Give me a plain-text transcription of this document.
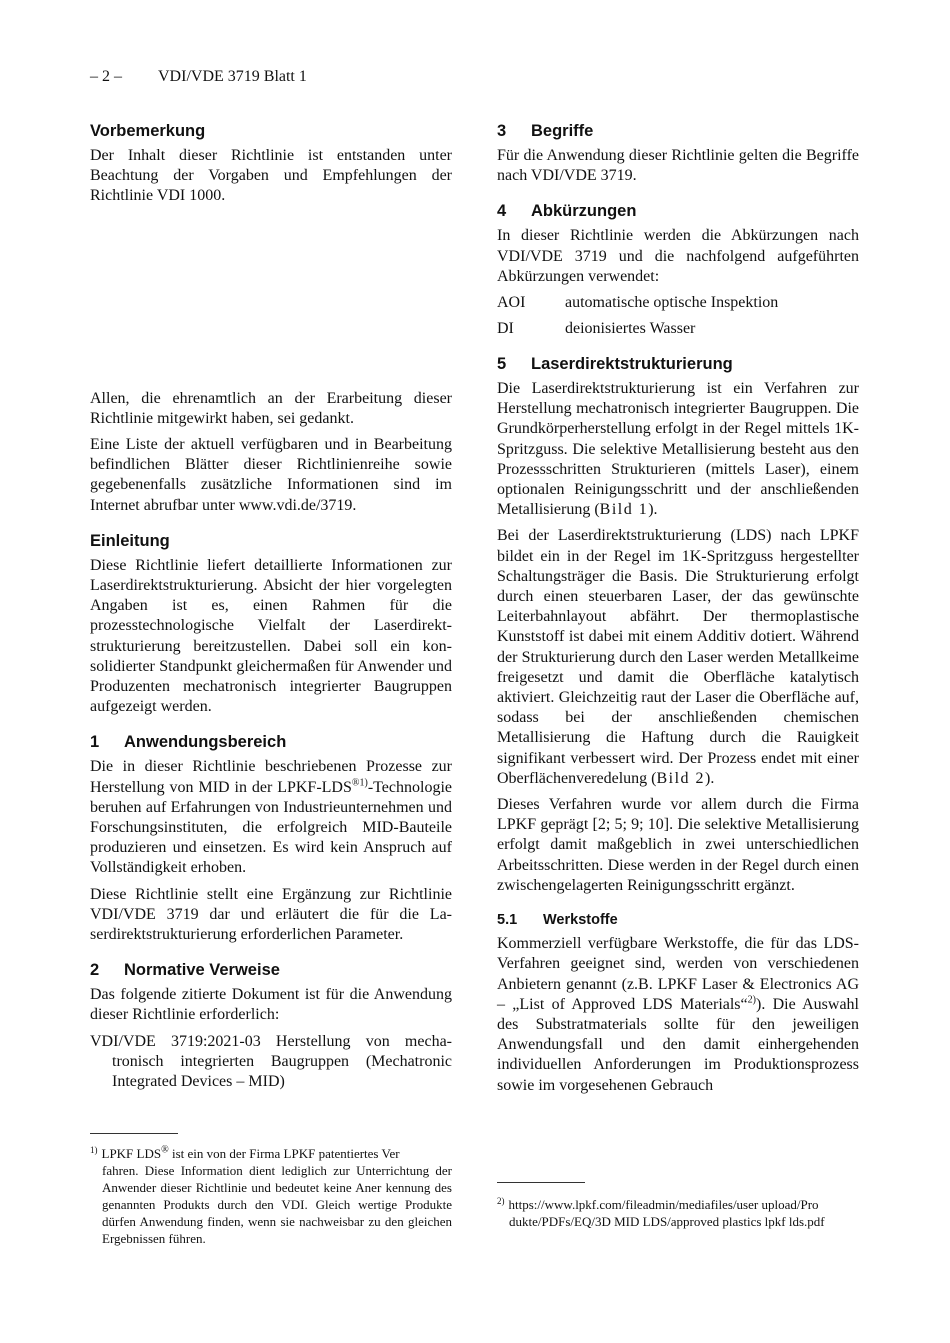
– 2 – VDI/VDE 3719 Blatt 1
Vorbemerkung

Der Inhalt dieser Richtlinie ist entstanden unter Beachtung der Vorgaben und Empfehlungen der Richtlinie VDI 1000.

Allen, die ehrenamtlich an der Erarbeitung dieser Richtlinie mitgewirkt haben, sei gedankt.

Eine Liste der aktuell verfügbaren und in Bearbeitung befindlichen Blätter dieser Richtlinienreihe sowie gegebenenfalls zusätzliche Informationen sind im Internet abrufbar unter www.vdi.de/3719.

Einleitung

Diese Richtlinie liefert detaillierte Informationen zur Laserdirektstrukturierung. Absicht der hier vorgelegten Angaben ist es, einen Rahmen für die prozesstechnologische Vielfalt der Laserdirektstrukturierung bereitzustellen. Dabei soll ein konsolidierter Standpunkt gleichermaßen für Anwender und Produzenten mechatronisch integrierter Baugruppen aufgezeigt werden.

1 Anwendungsbereich

Die in dieser Richtlinie beschriebenen Prozesse zur Herstellung von MID in der LPKF-$LDS^{®1)}$-Technologie beruhen auf Erfahrungen von Industrieunternehmen und Forschungsinstituten, die erfolgreich MID-Bauteile produzieren und einsetzen. Es wird kein Anspruch auf Vollständigkeit erhoben.

Diese Richtlinie stellt eine Ergänzung zur Richtlinie VDI/VDE 3719 dar und erläutert die für die Laserdirektstrukturierung erforderlichen Parameter.

2 Normative Verweise

Das folgende zitierte Dokument ist für die Anwendung dieser Richtlinie erforderlich:

VDI/VDE 3719:2021-03 Herstellung von mechatronisch integrierten Baugruppen (Mechatronic Integrated Devices – MID)

$^{1)}$ LPKF LDS® ist ein von der Firma LPKF patentiertes Ver
fahren. Diese Information dient lediglich zur Unterrichtung der Anwender dieser Richtlinie und bedeutet keine Aner kennung des genannten Produkts durch den VDI. Gleich wertige Produkte dürfen Anwendung finden, wenn sie nachweisbar zu den gleichen Ergebnissen führen.
3 Begriffe

Für die Anwendung dieser Richtlinie gelten die Begriffe nach VDI/VDE 3719.

4 Abkürzungen

In dieser Richtlinie werden die Abkürzungen nach VDI/VDE 3719 und die nachfolgend aufgeführten Abkürzungen verwendet:

AOI	automatische optische Inspektion
DI	deionisiertes Wasser
5 Laserdirektstrukturierung

Die Laserdirektstrukturierung ist ein Verfahren zur Herstellung mechatronisch integrierter Baugruppen. Die Grundkörperherstellung erfolgt in der Regel mittels 1K-Spritzguss. Die selektive Metallisierung besteht aus den Prozessschritten Strukturieren (mittels Laser), einem optionalen Reinigungsschritt und der anschließenden Metallisierung (Bild 1).

Bei der Laserdirektstrukturierung (LDS) nach LPKF bildet ein in der Regel im 1K-Spritzguss hergestellter Schaltungsträger die Basis. Die Strukturierung erfolgt durch einen steuerbaren Laser, der das gewünschte Leiterbahnlayout abfährt. Der thermoplastische Kunststoff ist dabei mit einem Additiv dotiert. Während der Strukturierung durch den Laser werden Metallkeime freigesetzt und damit die Oberfläche katalytisch aktiviert. Gleichzeitig raut der Laser die Oberfläche auf, sodass bei der anschließenden chemischen Metallisierung die Haftung durch die Rauigkeit signifikant verbessert wird. Der Prozess endet mit einer Oberflächenveredelung (Bild 2).

Dieses Verfahren wurde vor allem durch die Firma LPKF geprägt [2; 5; 9; 10]. Die selektive Metallisierung erfolgt damit maßgeblich in zwei unterschiedlichen Arbeitsschritten. Diese werden in der Regel durch einen zwischengelagerten Reinigungsschritt ergänzt.

5.1 Werkstoffe

Kommerziell verfügbare Werkstoffe, die für das LDS-Verfahren geeignet sind, werden von verschiedenen Anbietern genannt (z.B. LPKF Laser & Electronics AG – „List of Approved LDS Materials“$^{2)}$). Die Auswahl des Substratmaterials sollte für den jeweiligen Anwendungsfall und den damit einhergehenden individuellen Anforderungen im Produktionsprozess sowie im vorgesehenen Gebrauch

$^{2)}$ https://www.lpkf.com/fileadmin/mediafiles/user upload/Pro
dukte/PDFs/EQ/3D MID LDS/approved plastics lpkf lds.pdf
